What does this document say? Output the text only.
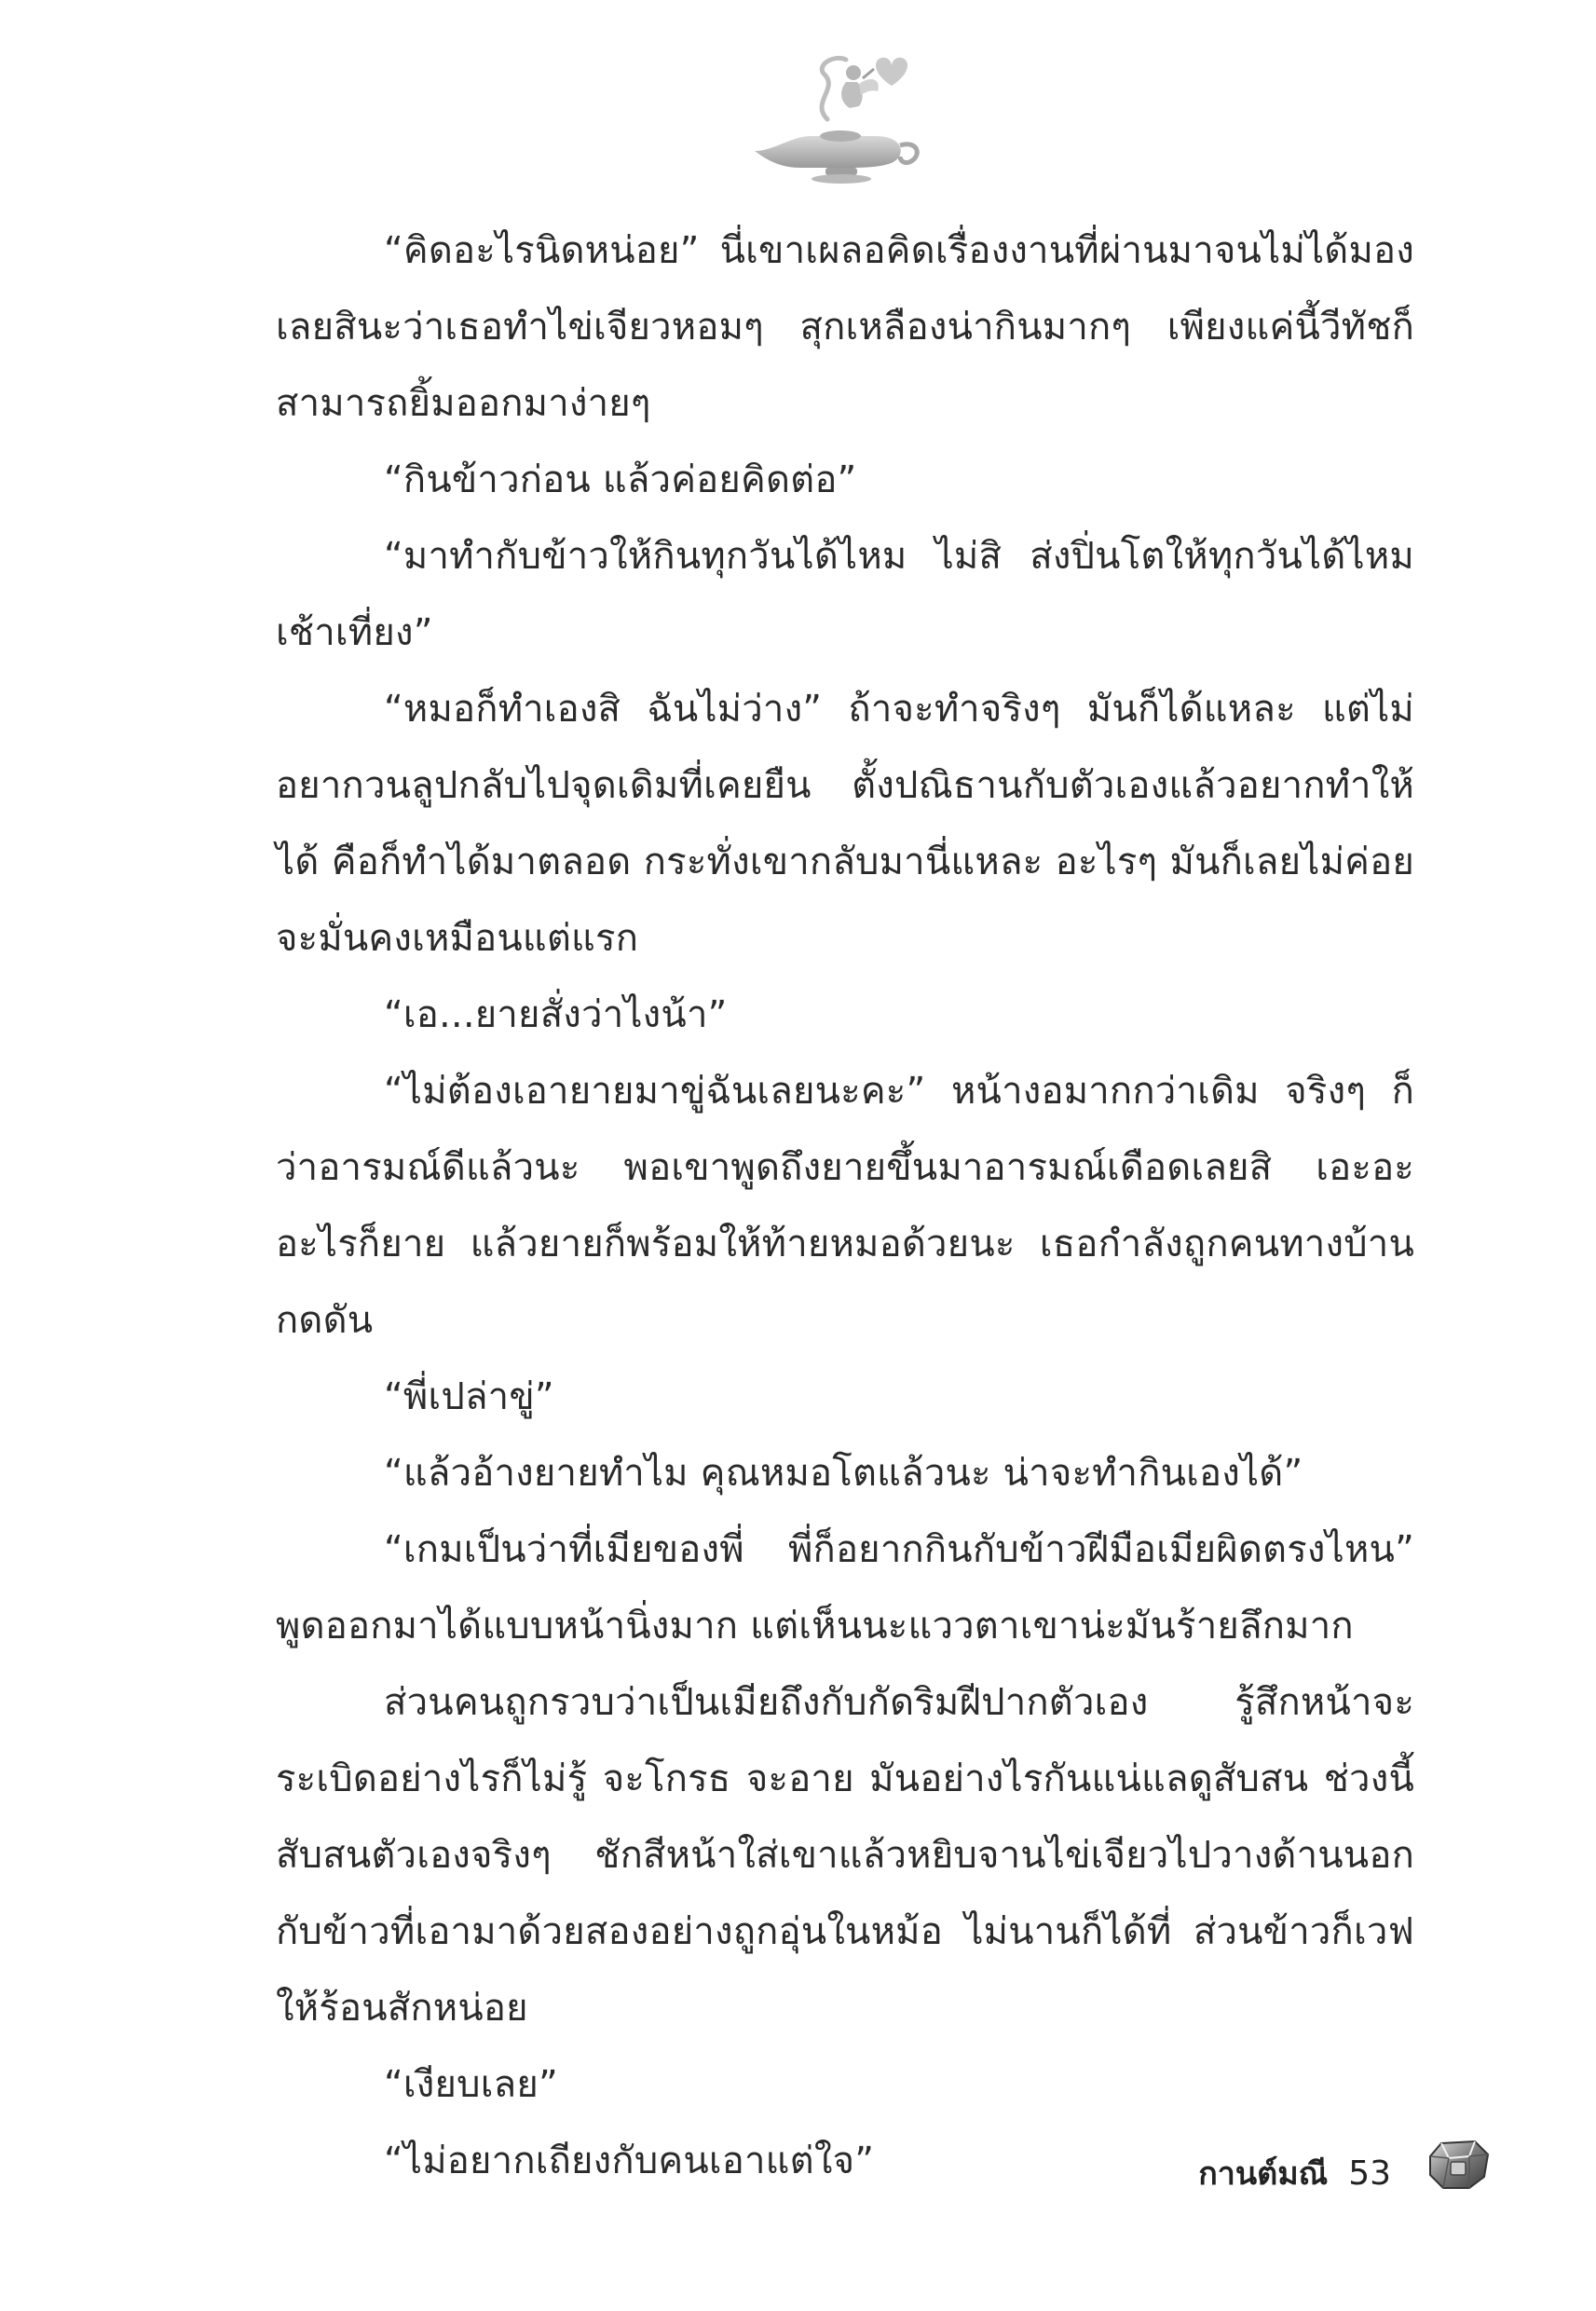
“คิดอะไรนิดหน่อย” นี่เขาเผลอคิดเรื่องงานที่ผ่านมาจนไม่ได้มองเลยสินะว่าเธอทำไข่เจียวหอมๆ สุกเหลืองน่ากินมากๆ เพียงแค่นี้วีทัชก็สามารถยิ้มออกมาง่ายๆ

“กินข้าวก่อน แล้วค่อยคิดต่อ”

“มาทำกับข้าวให้กินทุกวันได้ไหม ไม่สิ ส่งปิ่นโตให้ทุกวันได้ไหมเช้าเที่ยง”

“หมอก็ทำเองสิ ฉันไม่ว่าง” ถ้าจะทำจริงๆ มันก็ได้แหละ แต่ไม่อยากวนลูปกลับไปจุดเดิมที่เคยยืน ตั้งปณิธานกับตัวเองแล้วอยากทำให้ได้ คือก็ทำได้มาตลอด กระทั่งเขากลับมานี่แหละ อะไรๆ มันก็เลยไม่ค่อยจะมั่นคงเหมือนแต่แรก

“เอ...ยายสั่งว่าไงน้า”

“ไม่ต้องเอายายมาขู่ฉันเลยนะคะ” หน้างอมากกว่าเดิม จริงๆ ก็ว่าอารมณ์ดีแล้วนะ พอเขาพูดถึงยายขึ้นมาอารมณ์เดือดเลยสิ เอะอะอะไรก็ยาย แล้วยายก็พร้อมให้ท้ายหมอด้วยนะ เธอกำลังถูกคนทางบ้านกดดัน

“พี่เปล่าขู่”

“แล้วอ้างยายทำไม คุณหมอโตแล้วนะ น่าจะทำกินเองได้”

“เกมเป็นว่าที่เมียของพี่ พี่ก็อยากกินกับข้าวฝีมือเมียผิดตรงไหน” พูดออกมาได้แบบหน้านิ่งมาก แต่เห็นนะแววตาเขาน่ะมันร้ายลึกมาก

ส่วนคนถูกรวบว่าเป็นเมียถึงกับกัดริมฝีปากตัวเอง รู้สึกหน้าจะระเบิดอย่างไรก็ไม่รู้ จะโกรธ จะอาย มันอย่างไรกันแน่แลดูสับสน ช่วงนี้สับสนตัวเองจริงๆ ชักสีหน้าใส่เขาแล้วหยิบจานไข่เจียวไปวางด้านนอก กับข้าวที่เอามาด้วยสองอย่างถูกอุ่นในหม้อ ไม่นานก็ได้ที่ ส่วนข้าวก็เวฟให้ร้อนสักหน่อย

“เงียบเลย”

“ไม่อยากเถียงกับคนเอาแต่ใจ”	กานต์มณี 53
